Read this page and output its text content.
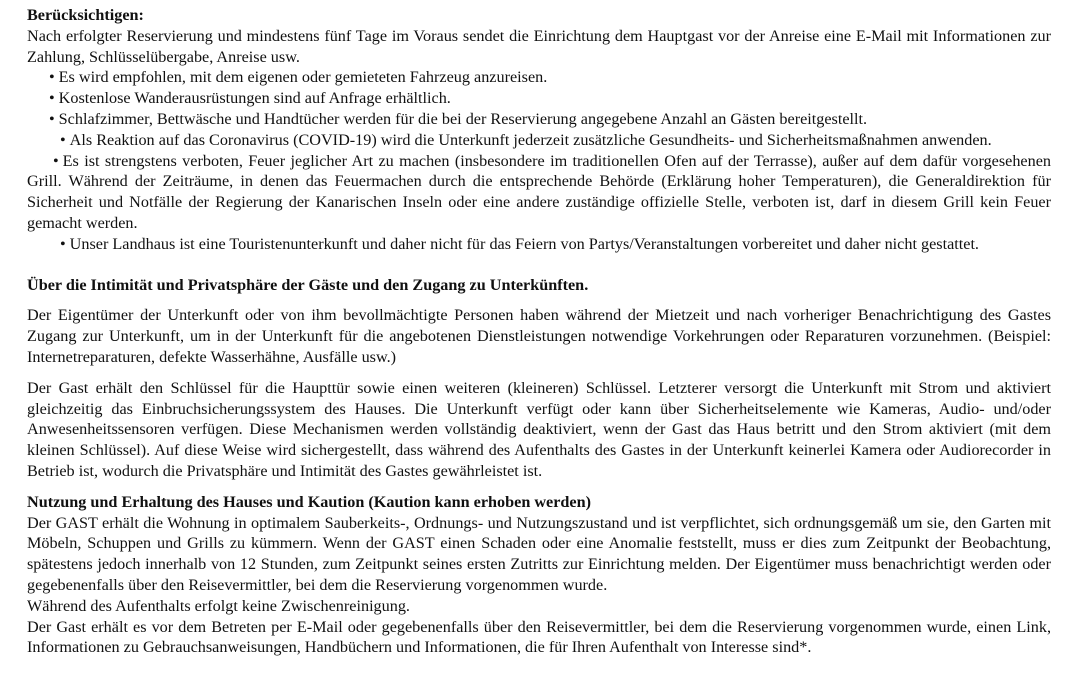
Berücksichtigen:

Nach erfolgter Reservierung und mindestens fünf Tage im Voraus sendet die Einrichtung dem Hauptgast vor der Anreise eine E-Mail mit Informationen zur Zahlung, Schlüsselübergabe, Anreise usw.

• Es wird empfohlen, mit dem eigenen oder gemieteten Fahrzeug anzureisen.

• Kostenlose Wanderausrüstungen sind auf Anfrage erhältlich.

• Schlafzimmer, Bettwäsche und Handtücher werden für die bei der Reservierung angegebene Anzahl an Gästen bereitgestellt.

• Als Reaktion auf das Coronavirus (COVID-19) wird die Unterkunft jederzeit zusätzliche Gesundheits- und Sicherheitsmaßnahmen anwenden.

• Es ist strengstens verboten, Feuer jeglicher Art zu machen (insbesondere im traditionellen Ofen auf der Terrasse), außer auf dem dafür vorgesehenen Grill. Während der Zeiträume, in denen das Feuermachen durch die entsprechende Behörde (Erklärung hoher Temperaturen), die Generaldirektion für Sicherheit und Notfälle der Regierung der Kanarischen Inseln oder eine andere zuständige offizielle Stelle, verboten ist, darf in diesem Grill kein Feuer gemacht werden.

• Unser Landhaus ist eine Touristenunterkunft und daher nicht für das Feiern von Partys/Veranstaltungen vorbereitet und daher nicht gestattet.

Über die Intimität und Privatsphäre der Gäste und den Zugang zu Unterkünften.

Der Eigentümer der Unterkunft oder von ihm bevollmächtigte Personen haben während der Mietzeit und nach vorheriger Benachrichtigung des Gastes Zugang zur Unterkunft, um in der Unterkunft für die angebotenen Dienstleistungen notwendige Vorkehrungen oder Reparaturen vorzunehmen. (Beispiel: Internetreparaturen, defekte Wasserhähne, Ausfälle usw.)

Der Gast erhält den Schlüssel für die Haupttür sowie einen weiteren (kleineren) Schlüssel. Letzterer versorgt die Unterkunft mit Strom und aktiviert gleichzeitig das Einbruchsicherungssystem des Hauses. Die Unterkunft verfügt oder kann über Sicherheitselemente wie Kameras, Audio- und/oder Anwesenheitssensoren verfügen. Diese Mechanismen werden vollständig deaktiviert, wenn der Gast das Haus betritt und den Strom aktiviert (mit dem kleinen Schlüssel). Auf diese Weise wird sichergestellt, dass während des Aufenthalts des Gastes in der Unterkunft keinerlei Kamera oder Audiorecorder in Betrieb ist, wodurch die Privatsphäre und Intimität des Gastes gewährleistet ist.

Nutzung und Erhaltung des Hauses und Kaution (Kaution kann erhoben werden)

Der GAST erhält die Wohnung in optimalem Sauberkeits-, Ordnungs- und Nutzungszustand und ist verpflichtet, sich ordnungsgemäß um sie, den Garten mit Möbeln, Schuppen und Grills zu kümmern. Wenn der GAST einen Schaden oder eine Anomalie feststellt, muss er dies zum Zeitpunkt der Beobachtung, spätestens jedoch innerhalb von 12 Stunden, zum Zeitpunkt seines ersten Zutritts zur Einrichtung melden. Der Eigentümer muss benachrichtigt werden oder gegebenenfalls über den Reisevermittler, bei dem die Reservierung vorgenommen wurde.

Während des Aufenthalts erfolgt keine Zwischenreinigung.

Der Gast erhält es vor dem Betreten per E-Mail oder gegebenenfalls über den Reisevermittler, bei dem die Reservierung vorgenommen wurde, einen Link, Informationen zu Gebrauchsanweisungen, Handbüchern und Informationen, die für Ihren Aufenthalt von Interesse sind*.
